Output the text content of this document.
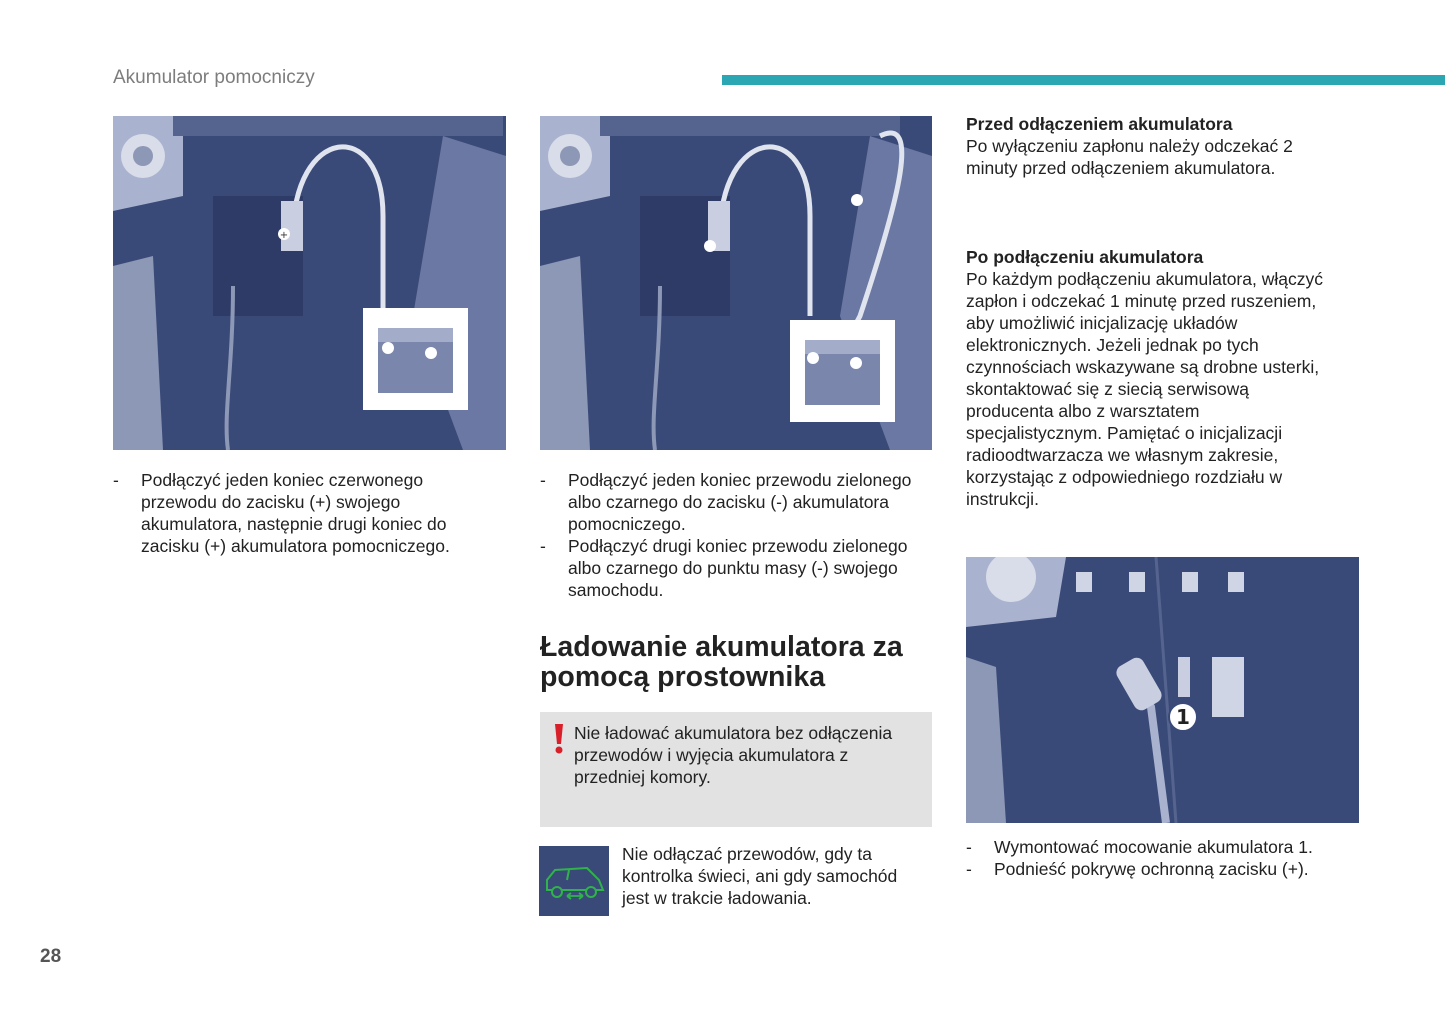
Akumulator pomocniczy
+
- Podłączyć jeden koniec czerwonego przewodu do zacisku (+) swojego akumulatora, następnie drugi koniec do zacisku (+) akumulatora pomocniczego.
- Podłączyć jeden koniec przewodu zielonego albo czarnego do zacisku (-) akumulatora pomocniczego.
- Podłączyć drugi koniec przewodu zielonego albo czarnego do punktu masy (-) swojego samochodu.
Ładowanie akumulatora za pomocą prostownika
Nie ładować akumulatora bez odłączenia przewodów i wyjęcia akumulatora z przedniej komory.
Nie odłączać przewodów, gdy ta kontrolka świeci, ani gdy samochód jest w trakcie ładowania.
Przed odłączeniem akumulatora
Po wyłączeniu zapłonu należy odczekać 2 minuty przed odłączeniem akumulatora.
Po podłączeniu akumulatora
Po każdym podłączeniu akumulatora, włączyć zapłon i odczekać 1 minutę przed ruszeniem, aby umożliwić inicjalizację układów elektronicznych. Jeżeli jednak po tych czynnościach wskazywane są drobne usterki, skontaktować się z siecią serwisową producenta albo z warsztatem specjalistycznym. Pamiętać o inicjalizacji radioodtwarzacza we własnym zakresie, korzystając z odpowiedniego rozdziału w instrukcji.
1
- Wymontować mocowanie akumulatora 1.
- Podnieść pokrywę ochronną zacisku (+).
28
